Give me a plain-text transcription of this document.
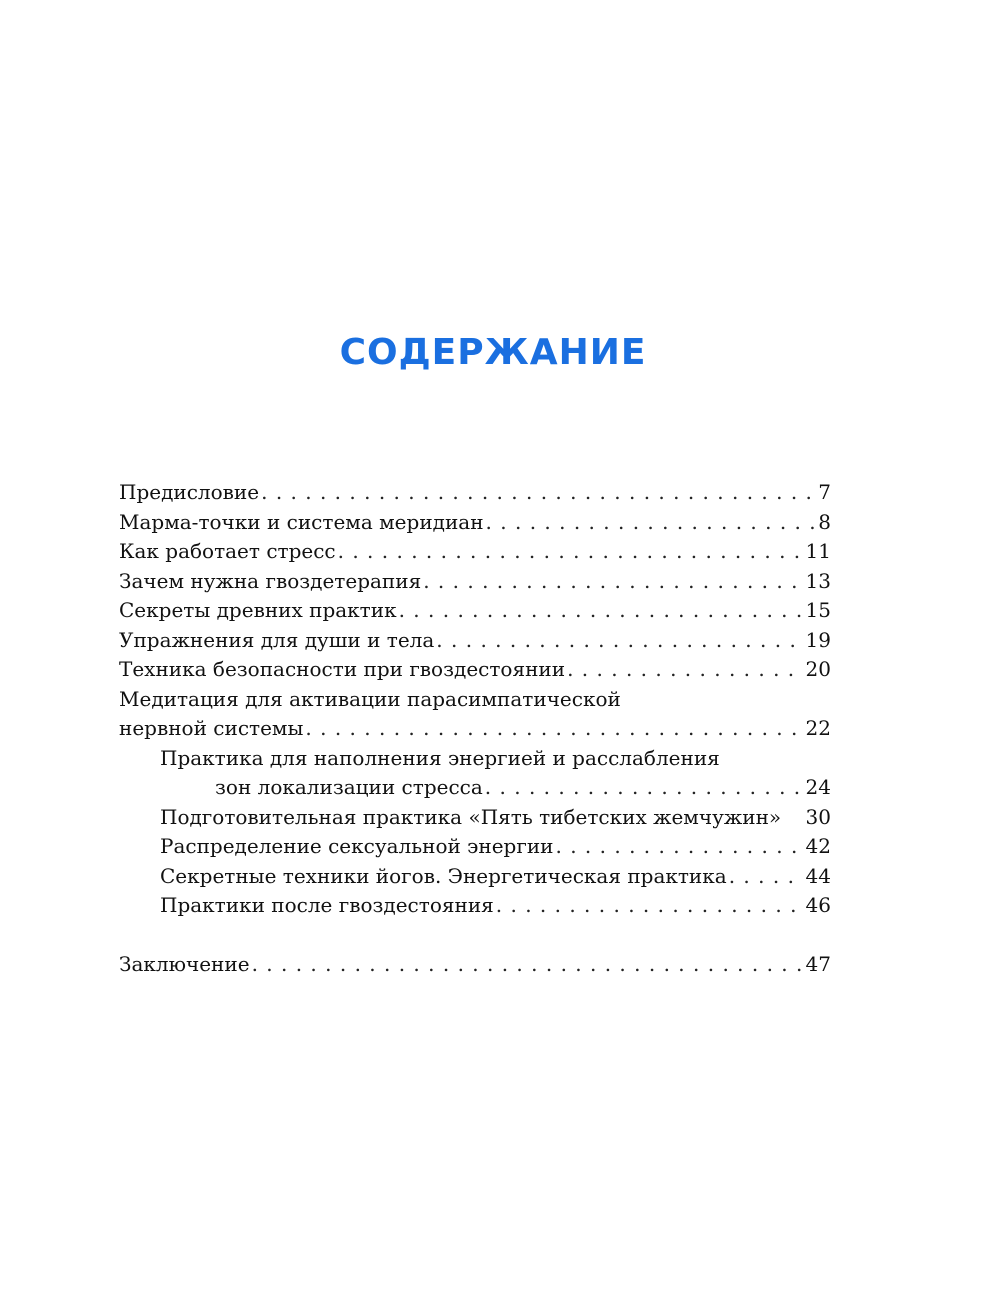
СОДЕРЖАНИЕ
Предисловие . . .	7
Марма-точки и система меридиан . . .	8
Как работает стресс . . .	11
Зачем нужна гвоздетерапия . . .	13
Секреты древних практик . . .	15
Упражнения для души и тела . . .	19
Техника безопасности при гвоздестоянии . . .	20
Медитация для активации парасимпатической
нервной системы . . .	22
Практика для наполнения энергией и расслабления
зон локализации стресса . . .	24
Подготовительная практика «Пять тибетских жемчужин» 30
Распределение сексуальной энергии . . .	42
Секретные техники йогов. Энергетическая практика . . .	44
Практики после гвоздестояния . . .	46
Заключение . . .	47
